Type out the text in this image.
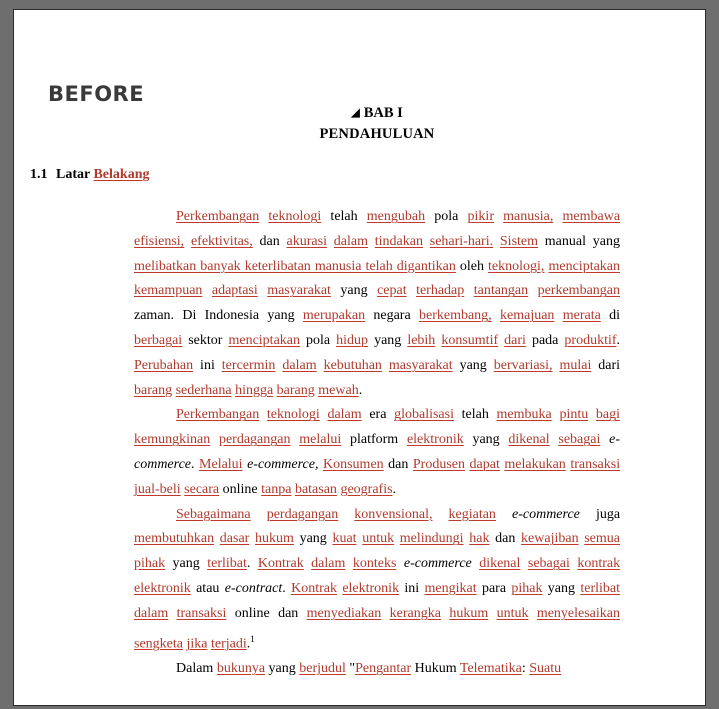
BEFORE

◢ BAB I

PENDAHULUAN

1.1 Latar Belakang

Perkembangan teknologi telah mengubah pola pikir manusia, membawa efisiensi, efektivitas, dan akurasi dalam tindakan sehari-hari. Sistem manual yang melibatkan banyak keterlibatan manusia telah digantikan oleh teknologi, menciptakan kemampuan adaptasi masyarakat yang cepat terhadap tantangan perkembangan zaman. Di Indonesia yang merupakan negara berkembang, kemajuan merata di berbagai sektor menciptakan pola hidup yang lebih konsumtif dari pada produktif. Perubahan ini tercermin dalam kebutuhan masyarakat yang bervariasi, mulai dari barang sederhana hingga barang mewah.

Perkembangan teknologi dalam era globalisasi telah membuka pintu bagi kemungkinan perdagangan melalui platform elektronik yang dikenal sebagai e-commerce. Melalui e-commerce, Konsumen dan Produsen dapat melakukan transaksi jual-beli secara online tanpa batasan geografis.

Sebagaimana perdagangan konvensional, kegiatan e-commerce juga membutuhkan dasar hukum yang kuat untuk melindungi hak dan kewajiban semua pihak yang terlibat. Kontrak dalam konteks e-commerce dikenal sebagai kontrak elektronik atau e-contract. Kontrak elektronik ini mengikat para pihak yang terlibat dalam transaksi online dan menyediakan kerangka hukum untuk menyelesaikan sengketa jika terjadi.$^1$

Dalam bukunya yang berjudul "Pengantar Hukum Telematika: Suatu
